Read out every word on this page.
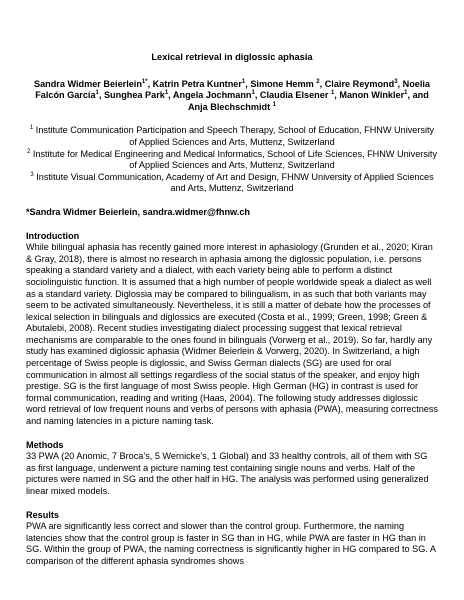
Lexical retrieval in diglossic aphasia

Sandra Widmer Beierlein$^{1*}$, Katrin Petra Kuntner$^1$, Simone Hemm $^2$, Claire Reymond$^3$, Noelia Falcón García$^1$, Sunghea Park$^1$, Angela Jochmann$^1$, Claudia Elsener $^1$, Manon Winkler$^1$, and Anja Blechschmidt $^1$

$^1$ Institute Communication Participation and Speech Therapy, School of Education, FHNW University of Applied Sciences and Arts, Muttenz, Switzerland

$^2$ Institute for Medical Engineering and Medical Informatics, School of Life Sciences, FHNW University of Applied Sciences and Arts, Muttenz, Switzerland

$^3$ Institute Visual Communication, Academy of Art and Design, FHNW University of Applied Sciences and Arts, Muttenz, Switzerland

*Sandra Widmer Beierlein, sandra.widmer@fhnw.ch

Introduction

While bilingual aphasia has recently gained more interest in aphasiology (Grunden et al., 2020; Kiran & Gray, 2018), there is almost no research in aphasia among the diglossic population, i.e. persons speaking a standard variety and a dialect, with each variety being able to perform a distinct sociolinguistic function. It is assumed that a high number of people worldwide speak a dialect as well as a standard variety. Diglossia may be compared to bilingualism, in as such that both variants may seem to be activated simultaneously. Nevertheless, it is still a matter of debate how the processes of lexical selection in bilinguals and diglossics are executed (Costa et al., 1999; Green, 1998; Green & Abutalebi, 2008). Recent studies investigating dialect processing suggest that lexical retrieval mechanisms are comparable to the ones found in bilinguals (Vorwerg et al., 2019). So far, hardly any study has examined diglossic aphasia (Widmer Beierlein & Vorwerg, 2020). In Switzerland, a high percentage of Swiss people is diglossic, and Swiss German dialects (SG) are used for oral communication in almost all settings regardless of the social status of the speaker, and enjoy high prestige. SG is the first language of most Swiss people. High German (HG) in contrast is used for formal communication, reading and writing (Haas, 2004). The following study addresses diglossic word retrieval of low frequent nouns and verbs of persons with aphasia (PWA), measuring correctness and naming latencies in a picture naming task.

Methods

33 PWA (20 Anomic, 7 Broca’s, 5 Wernicke’s, 1 Global) and 33 healthy controls, all of them with SG as first language, underwent a picture naming test containing single nouns and verbs. Half of the pictures were named in SG and the other half in HG. The analysis was performed using generalized linear mixed models.

Results

PWA are significantly less correct and slower than the control group. Furthermore, the naming latencies show that the control group is faster in SG than in HG, while PWA are faster in HG than in SG. Within the group of PWA, the naming correctness is significantly higher in HG compared to SG. A comparison of the different aphasia syndromes shows
